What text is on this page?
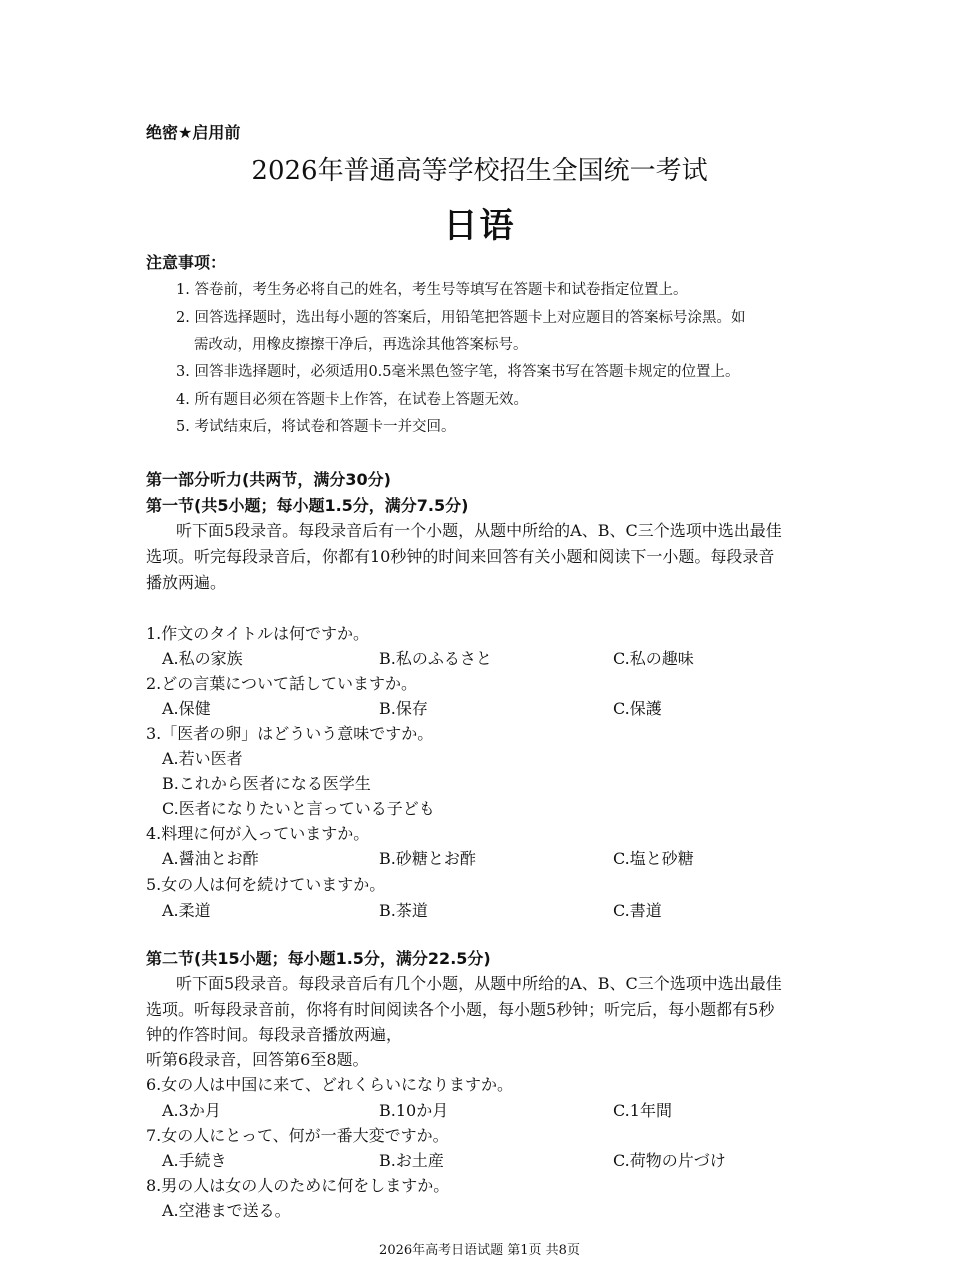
绝密★启用前
2026年普通高等学校招生全国统一考试
日语
注意事项：
1. 答卷前，考生务必将自己的姓名，考生号等填写在答题卡和试卷指定位置上。
2. 回答选择题时，选出每小题的答案后，用铅笔把答题卡上对应题目的答案标号涂黑。如
需改动，用橡皮擦擦干净后，再选涂其他答案标号。
3. 回答非选择题时，必须适用0.5毫米黑色签字笔，将答案书写在答题卡规定的位置上。
4. 所有题目必须在答题卡上作答，在试卷上答题无效。
5. 考试结束后，将试卷和答题卡一并交回。
第一部分听力(共两节，满分30分)
第一节(共5小题；每小题1.5分，满分7.5分)
听下面5段录音。每段录音后有一个小题，从题中所给的A、B、C三个选项中选出最佳
选项。听完每段录音后，你都有10秒钟的时间来回答有关小题和阅读下一小题。每段录音
播放两遍。
1.作文のタイトルは何ですか。
A.私の家族	B.私のふるさと	C.私の趣味
2.どの言葉について話していますか。
A.保健	B.保存	C.保護
3.「医者の卵」はどういう意味ですか。
A.若い医者
B.これから医者になる医学生
C.医者になりたいと言っている子ども
4.料理に何が入っていますか。
A.醤油とお酢	B.砂糖とお酢	C.塩と砂糖
5.女の人は何を続けていますか。
A.柔道	B.茶道	C.書道
第二节(共15小题；每小题1.5分，满分22.5分)
听下面5段录音。每段录音后有几个小题，从题中所给的A、B、C三个选项中选出最佳
选项。听每段录音前，你将有时间阅读各个小题，每小题5秒钟；听完后，每小题都有5秒
钟的作答时间。每段录音播放两遍，
听第6段录音，回答第6至8题。
6.女の人は中国に来て、どれくらいになりますか。
A.3か月	B.10か月	C.1年間
7.女の人にとって、何が一番大変ですか。
A.手続き	B.お土産	C.荷物の片づけ
8.男の人は女の人のために何をしますか。
A.空港まで送る。
2026年高考日语试题 第1页 共8页
